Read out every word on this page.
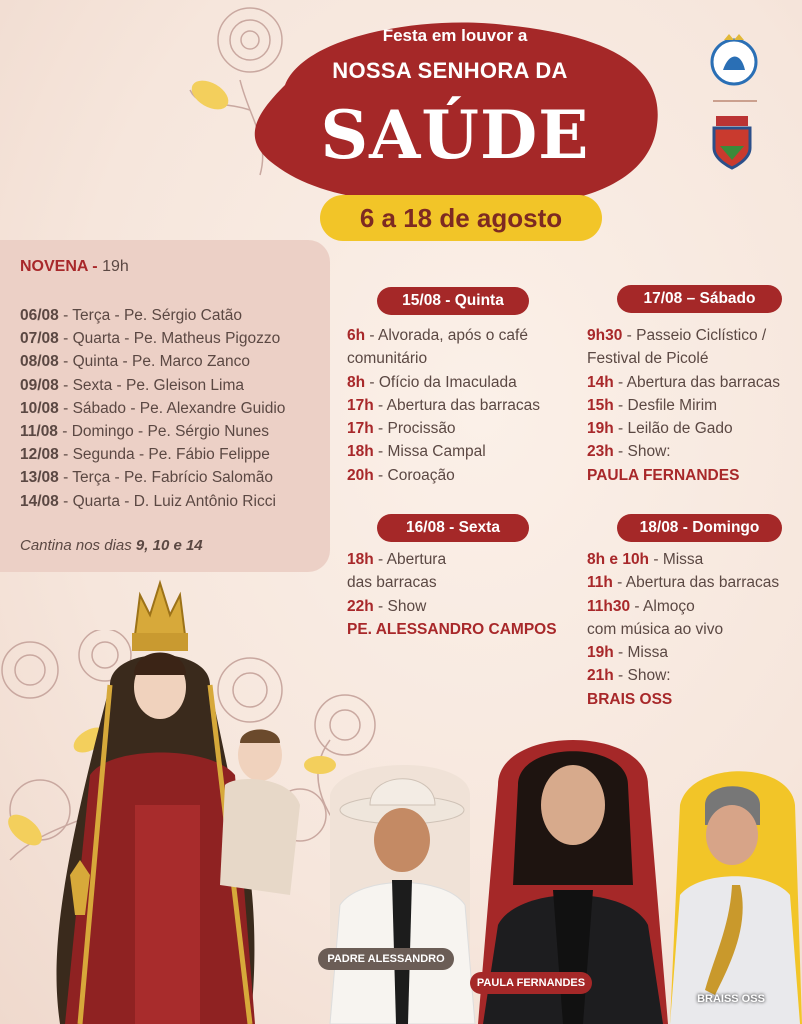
Festa em louvor a
NOSSA SENHORA DA
SAÚDE
6 a 18 de agosto
NOVENA - 19h
06/08 - Terça - Pe. Sérgio Catão
07/08 - Quarta - Pe. Matheus Pigozzo
08/08 - Quinta - Pe. Marco Zanco
09/08 - Sexta - Pe. Gleison Lima
10/08 - Sábado - Pe. Alexandre Guidio
11/08 - Domingo - Pe. Sérgio Nunes
12/08 - Segunda - Pe. Fábio Felippe
13/08 - Terça - Pe. Fabrício Salomão
14/08 - Quarta - D. Luiz Antônio Ricci
Cantina nos dias 9, 10 e 14
15/08 - Quinta
6h - Alvorada, após o café
comunitário
8h - Ofício da Imaculada
17h - Abertura das barracas
17h - Procissão
18h - Missa Campal
20h - Coroação
16/08 - Sexta
18h - Abertura
das barracas
22h - Show
PE. ALESSANDRO CAMPOS
17/08 – Sábado
9h30 - Passeio Ciclístico /
Festival de Picolé
14h - Abertura das barracas
15h - Desfile Mirim
19h - Leilão de Gado
23h - Show:
PAULA FERNANDES
18/08 - Domingo
8h e 10h - Missa
11h - Abertura das barracas
11h30 - Almoço
com música ao vivo
19h - Missa
21h - Show:
BRAIS OSS
PADRE ALESSANDRO
PAULA FERNANDES
BRAISS OSS
